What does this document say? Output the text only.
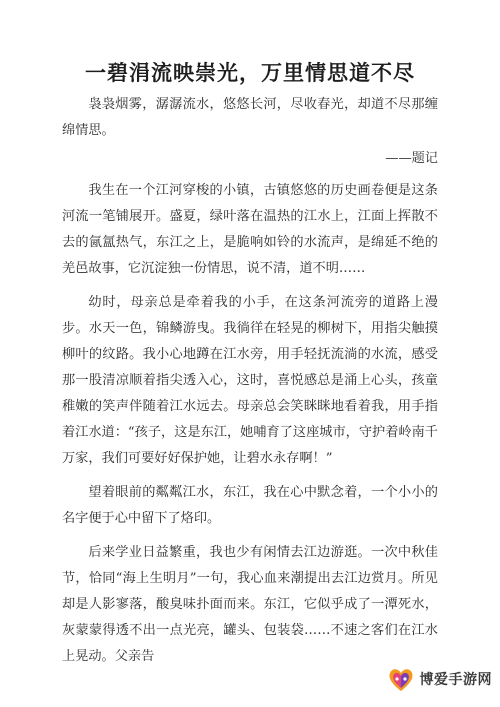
一碧涓流映崇光，万里情思道不尽

袅袅烟雾，潺潺流水，悠悠长河，尽收春光，却道不尽那缠绵情思。

——题记

我生在一个江河穿梭的小镇，古镇悠悠的历史画卷便是这条河流一笔铺展开。盛夏，绿叶落在温热的江水上，江面上挥散不去的氤氲热气，东江之上，是脆响如铃的水流声，是绵延不绝的羌邑故事，它沉淀独一份情思，说不清，道不明……

幼时，母亲总是牵着我的小手，在这条河流旁的道路上漫步。水天一色，锦鳞游曳。我徜徉在轻晃的柳树下，用指尖触摸柳叶的纹路。我小心地蹲在江水旁，用手轻抚流淌的水流，感受那一股清凉顺着指尖透入心，这时，喜悦感总是涌上心头，孩童稚嫩的笑声伴随着江水远去。母亲总会笑眯眯地看着我，用手指着江水道：“孩子，这是东江，她哺育了这座城市，守护着岭南千万家，我们可要好好保护她，让碧水永存啊！”

望着眼前的粼粼江水，东江，我在心中默念着，一个小小的名字便于心中留下了烙印。

后来学业日益繁重，我也少有闲情去江边游逛。一次中秋佳节，恰同“海上生明月”一句，我心血来潮提出去江边赏月。所见却是人影寥落，酸臭味扑面而来。东江，它似乎成了一潭死水，灰蒙蒙得透不出一点光亮，罐头、包装袋……不速之客们在江水上晃动。父亲告

博爱手游网
